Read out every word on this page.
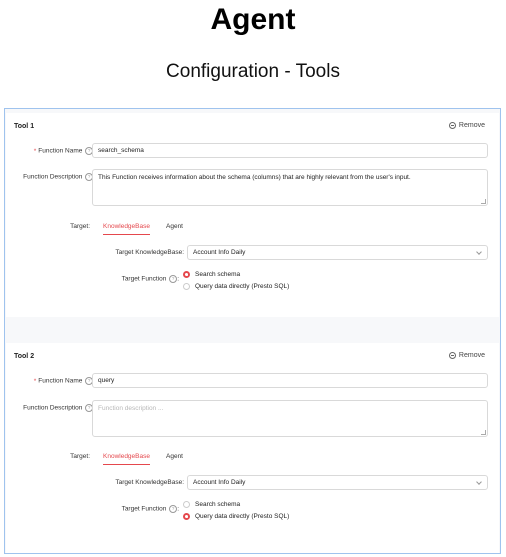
Agent
Configuration - Tools
Tool 1	Remove
* Function Name ?	search_schema
Function Description ?	This Function receives information about the schema (columns) that are highly relevant from the user's input.
Target: KnowledgeBase Agent
Target KnowledgeBase:	Account Info Daily
Target Function ? :
Search schema
Query data directly (Presto SQL)
Tool 2	Remove
* Function Name ?	query
Function Description ?	Function description ...
Target: KnowledgeBase Agent
Target KnowledgeBase:	Account Info Daily
Target Function ? :
Search schema
Query data directly (Presto SQL)
